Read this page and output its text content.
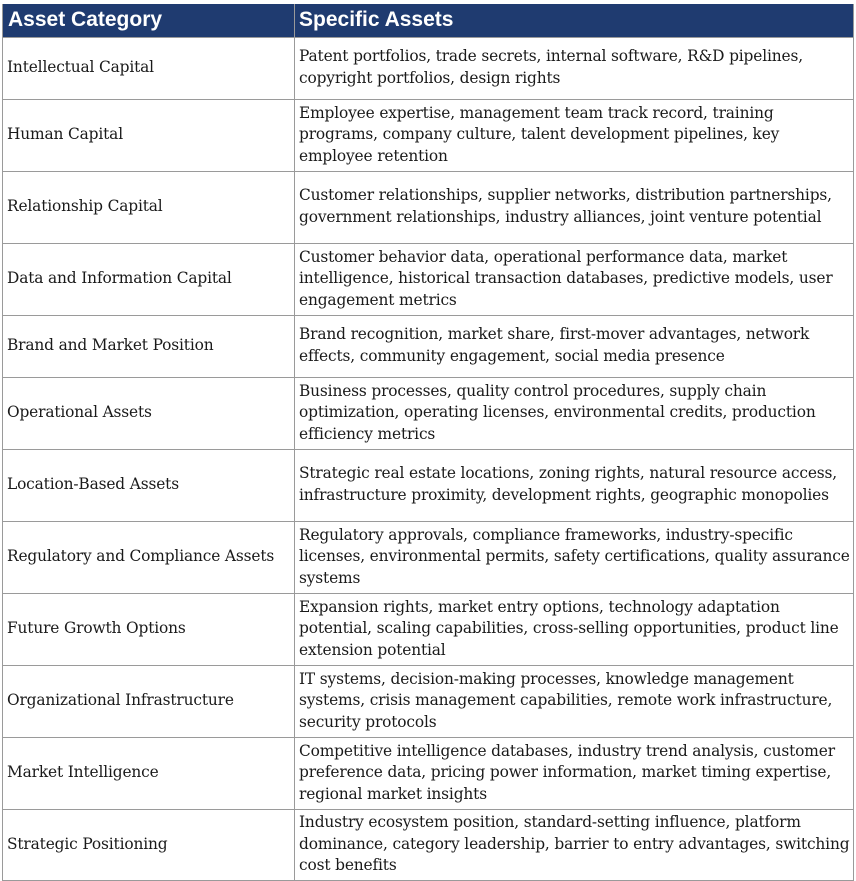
Asset Category	Specific Assets
Intellectual Capital	Patent portfolios, trade secrets, internal software, R&D pipelines, copyright portfolios, design rights
Human Capital	Employee expertise, management team track record, training programs, company culture, talent development pipelines, key employee retention
Relationship Capital	Customer relationships, supplier networks, distribution partnerships, government relationships, industry alliances, joint venture potential
Data and Information Capital	Customer behavior data, operational performance data, market intelligence, historical transaction databases, predictive models, user engagement metrics
Brand and Market Position	Brand recognition, market share, first-mover advantages, network effects, community engagement, social media presence
Operational Assets	Business processes, quality control procedures, supply chain optimization, operating licenses, environmental credits, production efficiency metrics
Location-Based Assets	Strategic real estate locations, zoning rights, natural resource access, infrastructure proximity, development rights, geographic monopolies
Regulatory and Compliance Assets	Regulatory approvals, compliance frameworks, industry-specific licenses, environmental permits, safety certifications, quality assurance systems
Future Growth Options	Expansion rights, market entry options, technology adaptation potential, scaling capabilities, cross-selling opportunities, product line extension potential
Organizational Infrastructure	IT systems, decision-making processes, knowledge management systems, crisis management capabilities, remote work infrastructure, security protocols
Market Intelligence	Competitive intelligence databases, industry trend analysis, customer preference data, pricing power information, market timing expertise, regional market insights
Strategic Positioning	Industry ecosystem position, standard-setting influence, platform dominance, category leadership, barrier to entry advantages, switching cost benefits
